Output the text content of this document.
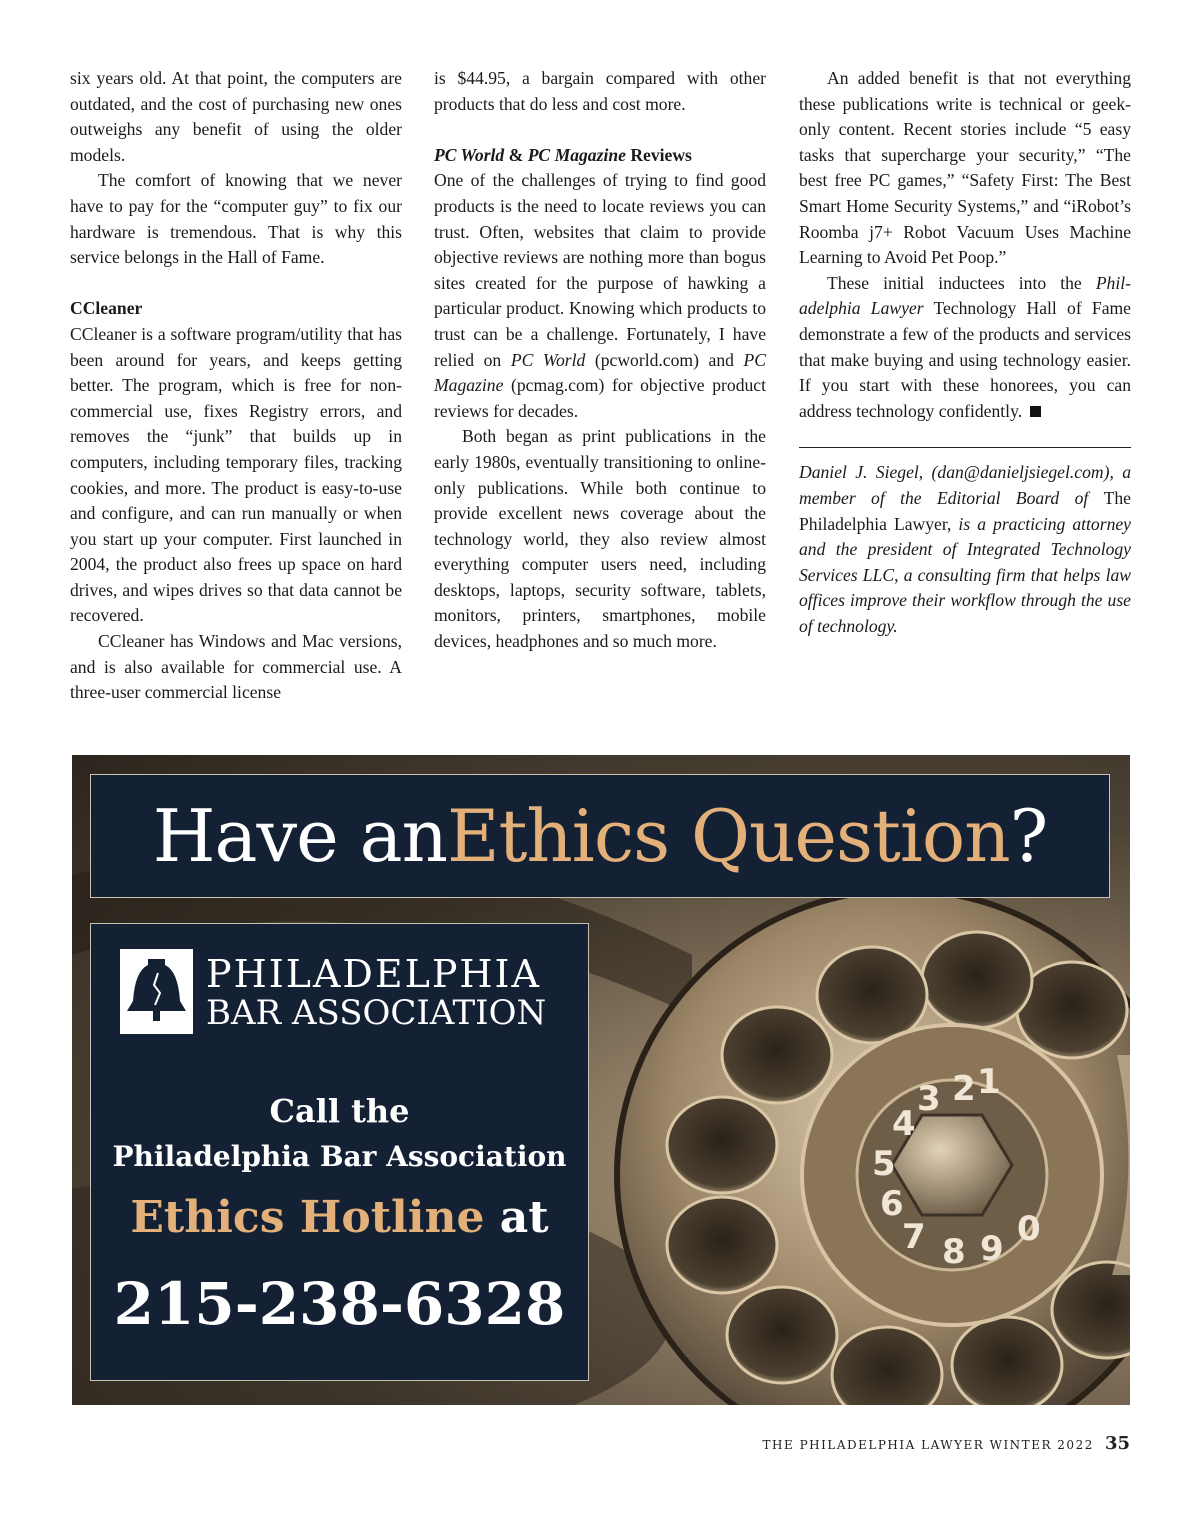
six years old. At that point, the computers are outdated, and the cost of purchasing new ones outweighs any benefit of using the older models.

The comfort of knowing that we never have to pay for the “computer guy” to fix our hardware is tremendous. That is why this service belongs in the Hall of Fame.

CCleaner

CCleaner is a software program/utility that has been around for years, and keeps getting better. The program, which is free for non-commercial use, fixes Registry errors, and removes the “junk” that builds up in computers, including temporary files, tracking cookies, and more. The product is easy-to-use and configure, and can run manually or when you start up your computer. First launched in 2004, the product also frees up space on hard drives, and wipes drives so that data cannot be recovered.

CCleaner has Windows and Mac versions, and is also available for commercial use. A three-user commercial license

is $44.95, a bargain compared with other products that do less and cost more.

PC World & PC Magazine Reviews

One of the challenges of trying to find good products is the need to locate reviews you can trust. Often, websites that claim to provide objective reviews are nothing more than bogus sites created for the purpose of hawking a particular product. Knowing which products to trust can be a challenge. Fortunately, I have relied on PC World (pcworld.com) and PC Magazine (pcmag.com) for objective product reviews for decades.

Both began as print publications in the early 1980s, eventually transitioning to online-only publications. While both continue to provide excellent news coverage about the technology world, they also review almost everything computer users need, including desktops, laptops, security software, tablets, monitors, printers, smartphones, mobile devices, headphones and so much more.

An added benefit is that not everything these publications write is technical or geek-only content. Recent stories include “5 easy tasks that supercharge your security,” “The best free PC games,” “Safety First: The Best Smart Home Security Systems,” and “iRobot’s Roomba j7+ Robot Vacuum Uses Machine Learning to Avoid Pet Poop.”

These initial inductees into the Philadelphia Lawyer Technology Hall of Fame demonstrate a few of the products and services that make buying and using technology easier. If you start with these honorees, you can address technology confidently.

Daniel J. Siegel, (dan@danieljsiegel.com), a member of the Editorial Board of The Philadelphia Lawyer, is a practicing attorney and the president of Integrated Technology Services LLC, a consulting firm that helps law offices improve their workflow through the use of technology.

2 1
3
4
5
6
7 8 9 0
Have an Ethics Question ?
PHILADELPHIA
BAR ASSOCIATION
Call the
Philadelphia Bar Association
Ethics Hotline at
215-238-6328
THE PHILADELPHIA LAWYER WINTER 2022 35
